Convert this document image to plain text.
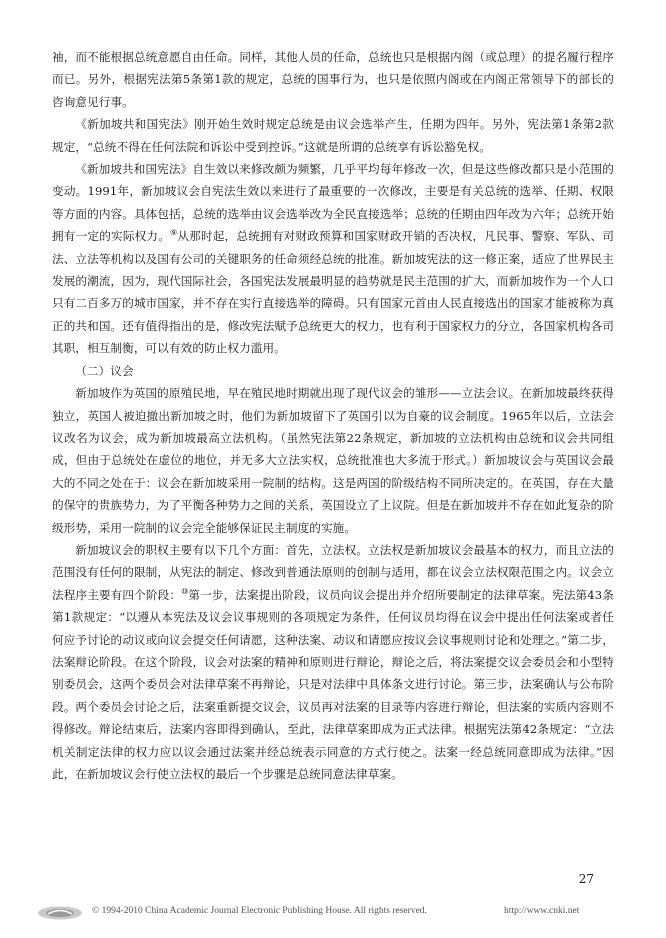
袖，而不能根据总统意愿自由任命。同样，其他人员的任命，总统也只是根据内阁（或总理）的提名履行程序而已。另外，根据宪法第5条第1款的规定，总统的国事行为，也只是依照内阁或在内阁正常领导下的部长的咨询意见行事。

《新加坡共和国宪法》刚开始生效时规定总统是由议会选举产生，任期为四年。另外，宪法第1条第2款规定，“总统不得在任何法院和诉讼中受到控诉。”这就是所谓的总统享有诉讼豁免权。

《新加坡共和国宪法》自生效以来修改颇为频繁，几乎平均每年修改一次，但是这些修改都只是小范围的变动。1991年，新加坡议会自宪法生效以来进行了最重要的一次修改，主要是有关总统的选举、任期、权限等方面的内容。具体包括，总统的选举由议会选举改为全民直接选举；总统的任期由四年改为六年；总统开始拥有一定的实际权力。⑨从那时起，总统拥有对财政预算和国家财政开销的否决权，凡民事、警察、军队、司法、立法等机构以及国有公司的关键职务的任命须经总统的批准。新加坡宪法的这一修正案，适应了世界民主发展的潮流，因为，现代国际社会，各国宪法发展最明显的趋势就是民主范围的扩大，而新加坡作为一个人口只有二百多万的城市国家，并不存在实行直接选举的障碍。只有国家元首由人民直接选出的国家才能被称为真正的共和国。还有值得指出的是，修改宪法赋予总统更大的权力，也有利于国家权力的分立，各国家机构各司其职，相互制衡，可以有效的防止权力滥用。

（二）议会

新加坡作为英国的原殖民地，早在殖民地时期就出现了现代议会的雏形——立法会议。在新加坡最终获得独立，英国人被迫撤出新加坡之时，他们为新加坡留下了英国引以为自豪的议会制度。1965年以后，立法会议改名为议会，成为新加坡最高立法机构。（虽然宪法第22条规定，新加坡的立法机构由总统和议会共同组成，但由于总统处在虚位的地位，并无多大立法实权，总统批准也大多流于形式。）新加坡议会与英国议会最大的不同之处在于：议会在新加坡采用一院制的结构。这是两国的阶级结构不同所决定的。在英国，存在大量的保守的贵族势力，为了平衡各种势力之间的关系，英国设立了上议院。但是在新加坡并不存在如此复杂的阶级形势，采用一院制的议会完全能够保证民主制度的实施。

新加坡议会的职权主要有以下几个方面：首先，立法权。立法权是新加坡议会最基本的权力，而且立法的范围没有任何的限制，从宪法的制定、修改到普通法原则的创制与适用，都在议会立法权限范围之内。议会立法程序主要有四个阶段：⑩第一步，法案提出阶段，议员向议会提出并介绍所要制定的法律草案。宪法第43条第1款规定：“以遵从本宪法及议会议事规则的各项规定为条件，任何议员均得在议会中提出任何法案或者任何应予讨论的动议或向议会提交任何请愿，这种法案、动议和请愿应按议会议事规则讨论和处理之。”第二步，法案辩论阶段。在这个阶段，议会对法案的精神和原则进行辩论，辩论之后，将法案提交议会委员会和小型特别委员会，这两个委员会对法律草案不再辩论，只是对法律中具体条文进行讨论。第三步，法案确认与公布阶段。两个委员会讨论之后，法案重新提交议会，议员再对法案的目录等内容进行辩论，但法案的实质内容则不得修改。辩论结束后，法案内容即得到确认，至此，法律草案即成为正式法律。根据宪法第42条规定：“立法机关制定法律的权力应以议会通过法案并经总统表示同意的方式行使之。法案一经总统同意即成为法律。”因此，在新加坡议会行使立法权的最后一个步骤是总统同意法律草案。

27
© 1994-2010 China Academic Journal Electronic Publishing House. All rights reserved.	http://www.cnki.net
